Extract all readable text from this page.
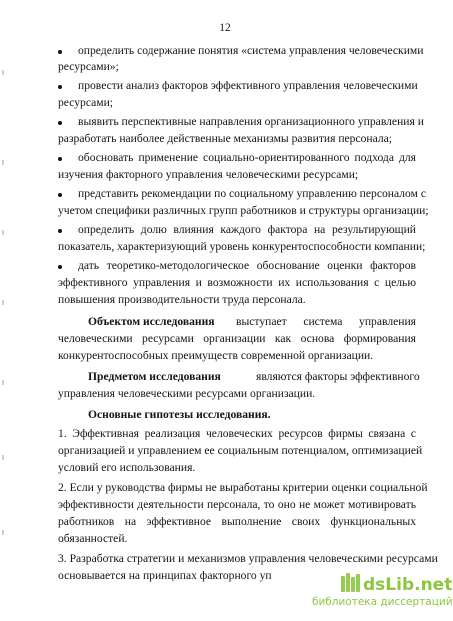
12
определить содержание понятия «система управления человеческими
ресурсами»;
провести анализ факторов эффективного управления человеческими
ресурсами;
выявить перспективные направления организационного управления и
разработать наиболее действенные механизмы развития персонала;
обосновать применение социально-ориентированного подхода для
изучения факторного управления человеческими ресурсами;
представить рекомендации по социальному управлению персоналом с
учетом специфики различных групп работников и структуры организации;
определить долю влияния каждого фактора на результирующий
показатель, характеризующий уровень конкурентоспособности компании;
дать теоретико-методологическое обоснование оценки факторов
эффективного управления и возможности их использования с целью
повышения производительности труда персонала.
Объектом исследования выступает система управления
человеческими ресурсами организации как основа формирования
конкурентоспособных преимуществ современной организации.
Предметом исследования	являются факторы эффективного
управления человеческими ресурсами организации.
Основные гипотезы исследования.
1. Эффективная реализация человеческих ресурсов фирмы связана с
организацией и управлением ее социальным потенциалом, оптимизацией
условий его использования.
2. Если у руководства фирмы не выработаны критерии оценки социальной
эффективности деятельности персонала, то оно не может мотивировать
работников на эффективное выполнение своих функциональных
обязанностей.
3. Разработка стратегии и механизмов управления человеческими ресурсами
основывается на принципах факторного уп	dsLib.net
библиотека диссертаций
